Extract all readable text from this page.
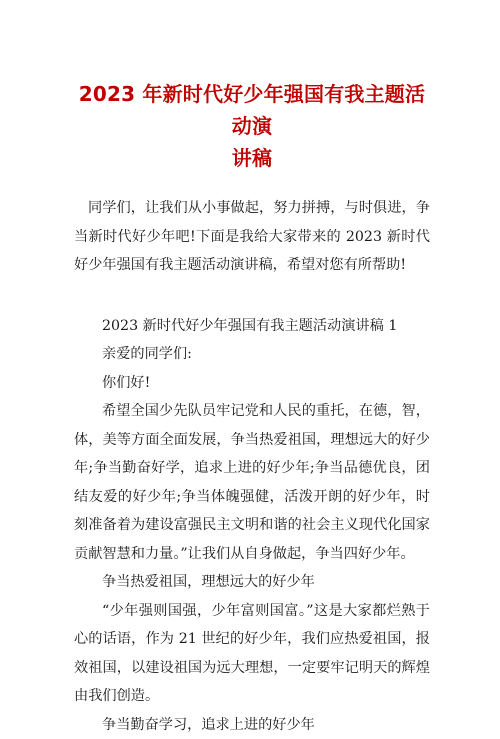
2023 年新时代好少年强国有我主题活动演
讲稿

同学们，让我们从小事做起，努力拼搏，与时俱进，争当新时代好少年吧!下面是我给大家带来的 2023 新时代好少年强国有我主题活动演讲稿，希望对您有所帮助!

2023 新时代好少年强国有我主题活动演讲稿 1

亲爱的同学们:

你们好!

希望全国少先队员牢记党和人民的重托，在德，智，体，美等方面全面发展，争当热爱祖国，理想远大的好少年;争当勤奋好学，追求上进的好少年;争当品德优良，团结友爱的好少年;争当体魄强健，活泼开朗的好少年，时刻准备着为建设富强民主文明和谐的社会主义现代化国家贡献智慧和力量。”让我们从自身做起，争当四好少年。

争当热爱祖国，理想远大的好少年

“少年强则国强，少年富则国富。”这是大家都烂熟于心的话语，作为 21 世纪的好少年，我们应热爱祖国，报效祖国，以建设祖国为远大理想，一定要牢记明天的辉煌由我们创造。

争当勤奋学习，追求上进的好少年
